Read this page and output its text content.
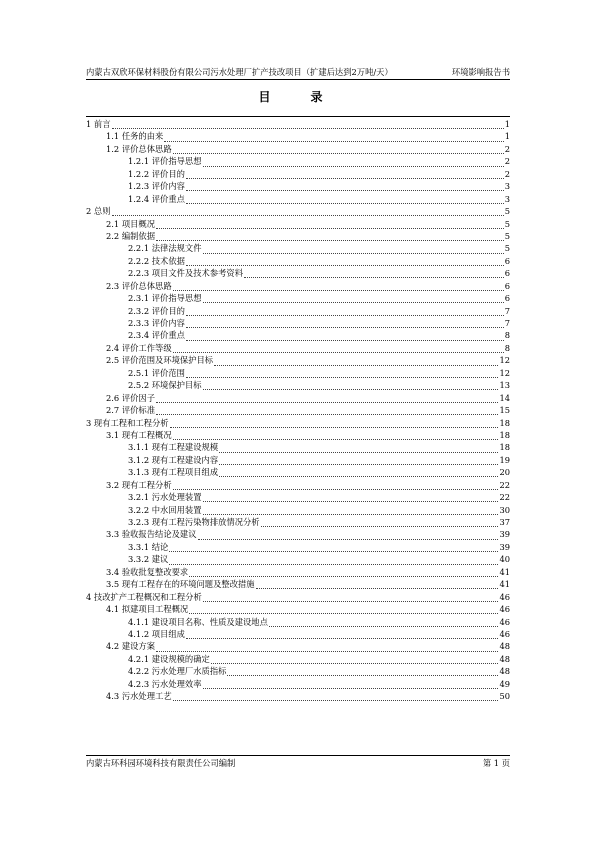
内蒙古双欣环保材料股份有限公司污水处理厂扩产技改项目（扩建后达到2万吨/天）	环境影响报告书
目　录
1 前言	1
1.1 任务的由来	1
1.2 评价总体思路	2
1.2.1 评价指导思想	2
1.2.2 评价目的	2
1.2.3 评价内容	3
1.2.4 评价重点	3
2 总则	5
2.1 项目概况	5
2.2 编制依据	5
2.2.1 法律法规文件	5
2.2.2 技术依据	6
2.2.3 项目文件及技术参考资料	6
2.3 评价总体思路	6
2.3.1 评价指导思想	6
2.3.2 评价目的	7
2.3.3 评价内容	7
2.3.4 评价重点	8
2.4 评价工作等级	8
2.5 评价范围及环境保护目标	12
2.5.1 评价范围	12
2.5.2 环境保护目标	13
2.6 评价因子	14
2.7 评价标准	15
3 现有工程和工程分析	18
3.1 现有工程概况	18
3.1.1 现有工程建设规模	18
3.1.2 现有工程建设内容	19
3.1.3 现有工程项目组成	20
3.2 现有工程分析	22
3.2.1 污水处理装置	22
3.2.2 中水回用装置	30
3.2.3 现有工程污染物排放情况分析	37
3.3 验收报告结论及建议	39
3.3.1 结论	39
3.3.2 建议	40
3.4 验收批复整改要求	41
3.5 现有工程存在的环境问题及整改措施	41
4 技改扩产工程概况和工程分析	46
4.1 拟建项目工程概况	46
4.1.1 建设项目名称、性质及建设地点	46
4.1.2 项目组成	46
4.2 建设方案	48
4.2.1 建设规模的确定	48
4.2.2 污水处理厂水质指标	48
4.2.3 污水处理效率	49
4.3 污水处理工艺	50
内蒙古环科园环境科技有限责任公司编制	第 1 页
